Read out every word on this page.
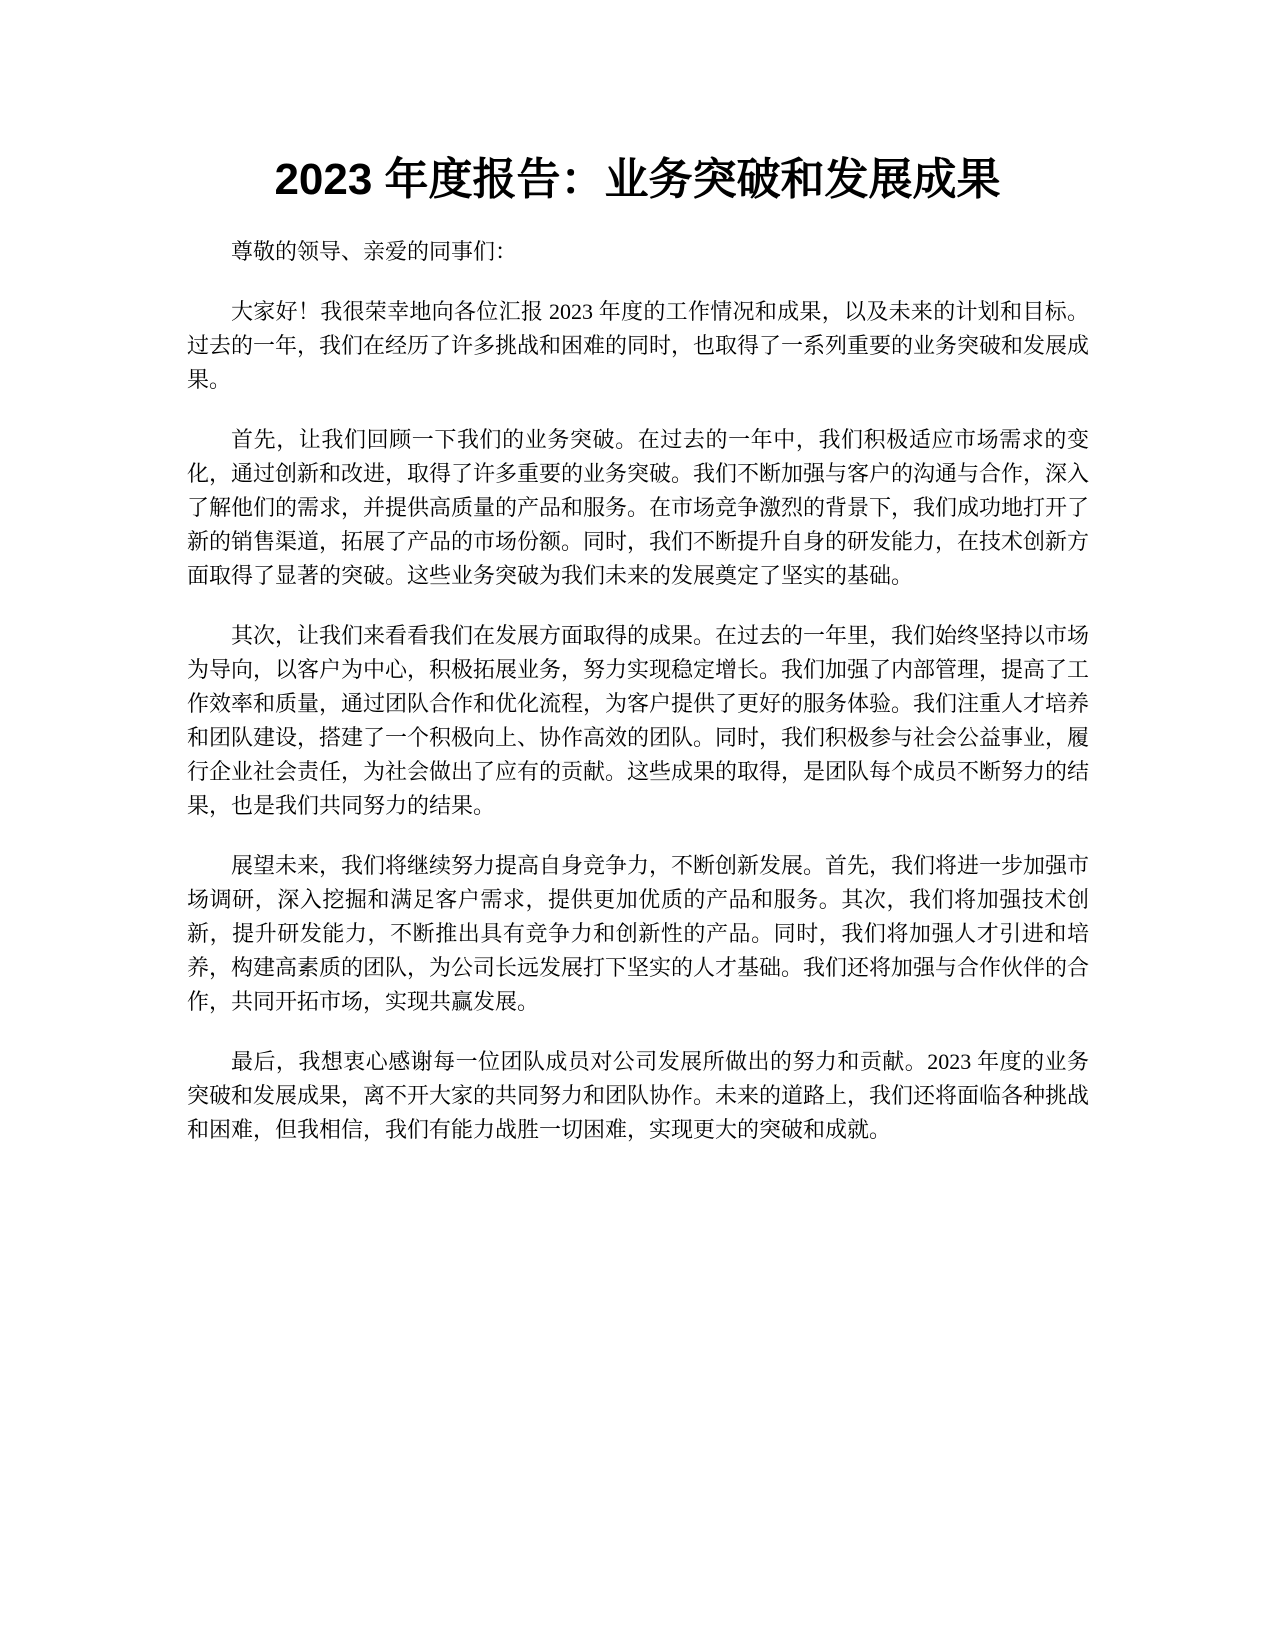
2023 年度报告：业务突破和发展成果

尊敬的领导、亲爱的同事们：

大家好！我很荣幸地向各位汇报 2023 年度的工作情况和成果，以及未来的计划和目标。过去的一年，我们在经历了许多挑战和困难的同时，也取得了一系列重要的业务突破和发展成果。

首先，让我们回顾一下我们的业务突破。在过去的一年中，我们积极适应市场需求的变化，通过创新和改进，取得了许多重要的业务突破。我们不断加强与客户的沟通与合作，深入了解他们的需求，并提供高质量的产品和服务。在市场竞争激烈的背景下，我们成功地打开了新的销售渠道，拓展了产品的市场份额。同时，我们不断提升自身的研发能力，在技术创新方面取得了显著的突破。这些业务突破为我们未来的发展奠定了坚实的基础。

其次，让我们来看看我们在发展方面取得的成果。在过去的一年里，我们始终坚持以市场为导向，以客户为中心，积极拓展业务，努力实现稳定增长。我们加强了内部管理，提高了工作效率和质量，通过团队合作和优化流程，为客户提供了更好的服务体验。我们注重人才培养和团队建设，搭建了一个积极向上、协作高效的团队。同时，我们积极参与社会公益事业，履行企业社会责任，为社会做出了应有的贡献。这些成果的取得，是团队每个成员不断努力的结果，也是我们共同努力的结果。

展望未来，我们将继续努力提高自身竞争力，不断创新发展。首先，我们将进一步加强市场调研，深入挖掘和满足客户需求，提供更加优质的产品和服务。其次，我们将加强技术创新，提升研发能力，不断推出具有竞争力和创新性的产品。同时，我们将加强人才引进和培养，构建高素质的团队，为公司长远发展打下坚实的人才基础。我们还将加强与合作伙伴的合作，共同开拓市场，实现共赢发展。

最后，我想衷心感谢每一位团队成员对公司发展所做出的努力和贡献。2023 年度的业务突破和发展成果，离不开大家的共同努力和团队协作。未来的道路上，我们还将面临各种挑战和困难，但我相信，我们有能力战胜一切困难，实现更大的突破和成就。
